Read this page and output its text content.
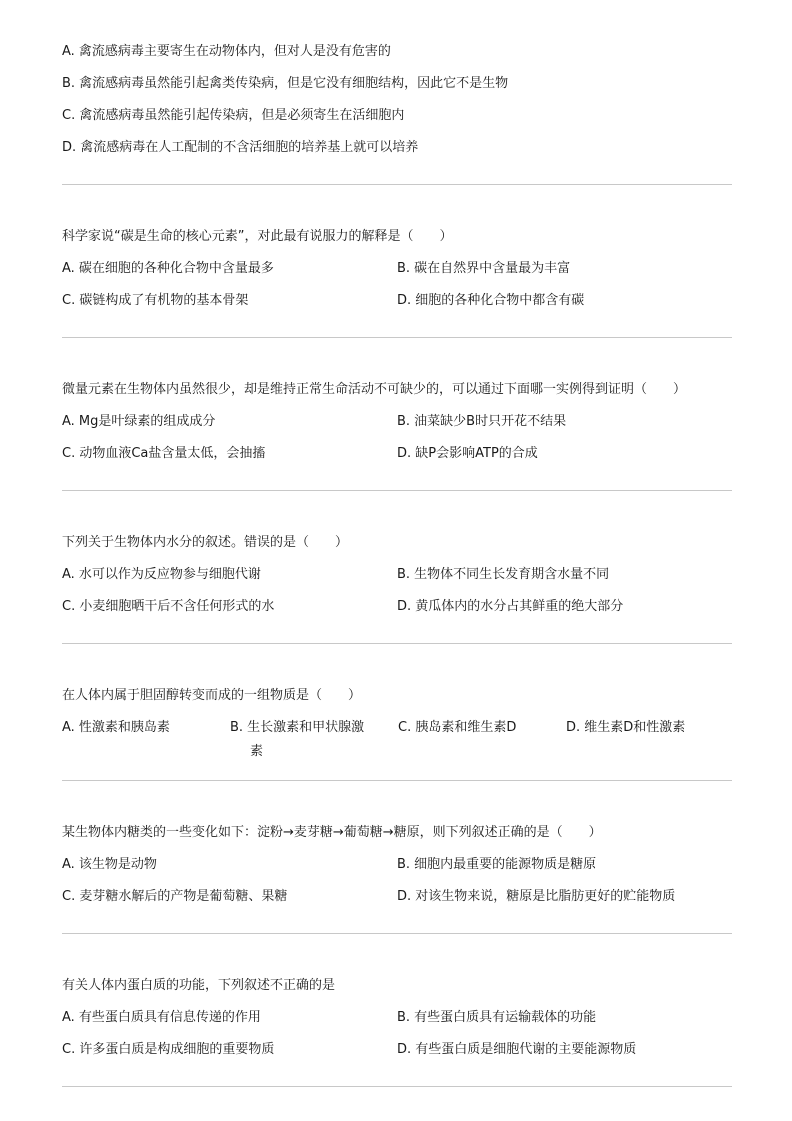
A. 禽流感病毒主要寄生在动物体内，但对人是没有危害的
B. 禽流感病毒虽然能引起禽类传染病，但是它没有细胞结构，因此它不是生物
C. 禽流感病毒虽然能引起传染病，但是必须寄生在活细胞内
D. 禽流感病毒在人工配制的不含活细胞的培养基上就可以培养
科学家说“碳是生命的核心元素”，对此最有说服力的解释是（　　）
A. 碳在细胞的各种化合物中含量最多	B. 碳在自然界中含量最为丰富
C. 碳链构成了有机物的基本骨架	D. 细胞的各种化合物中都含有碳
微量元素在生物体内虽然很少，却是维持正常生命活动不可缺少的，可以通过下面哪一实例得到证明（　　）
A. Mg是叶绿素的组成成分	B. 油菜缺少B时只开花不结果
C. 动物血液Ca盐含量太低，会抽搐	D. 缺P会影响ATP的合成
下列关于生物体内水分的叙述。错误的是（　　）
A. 水可以作为反应物参与细胞代谢	B. 生物体不同生长发育期含水量不同
C. 小麦细胞晒干后不含任何形式的水	D. 黄瓜体内的水分占其鲜重的绝大部分
在人体内属于胆固醇转变而成的一组物质是（　　）
A. 性激素和胰岛素	B. 生长激素和甲状腺激
素
C. 胰岛素和维生素D	D. 维生素D和性激素
某生物体内糖类的一些变化如下：淀粉→麦芽糖→葡萄糖→糖原，则下列叙述正确的是（　　）
A. 该生物是动物	B. 细胞内最重要的能源物质是糖原
C. 麦芽糖水解后的产物是葡萄糖、果糖	D. 对该生物来说，糖原是比脂肪更好的贮能物质
有关人体内蛋白质的功能，下列叙述不正确的是
A. 有些蛋白质具有信息传递的作用	B. 有些蛋白质具有运输载体的功能
C. 许多蛋白质是构成细胞的重要物质	D. 有些蛋白质是细胞代谢的主要能源物质
